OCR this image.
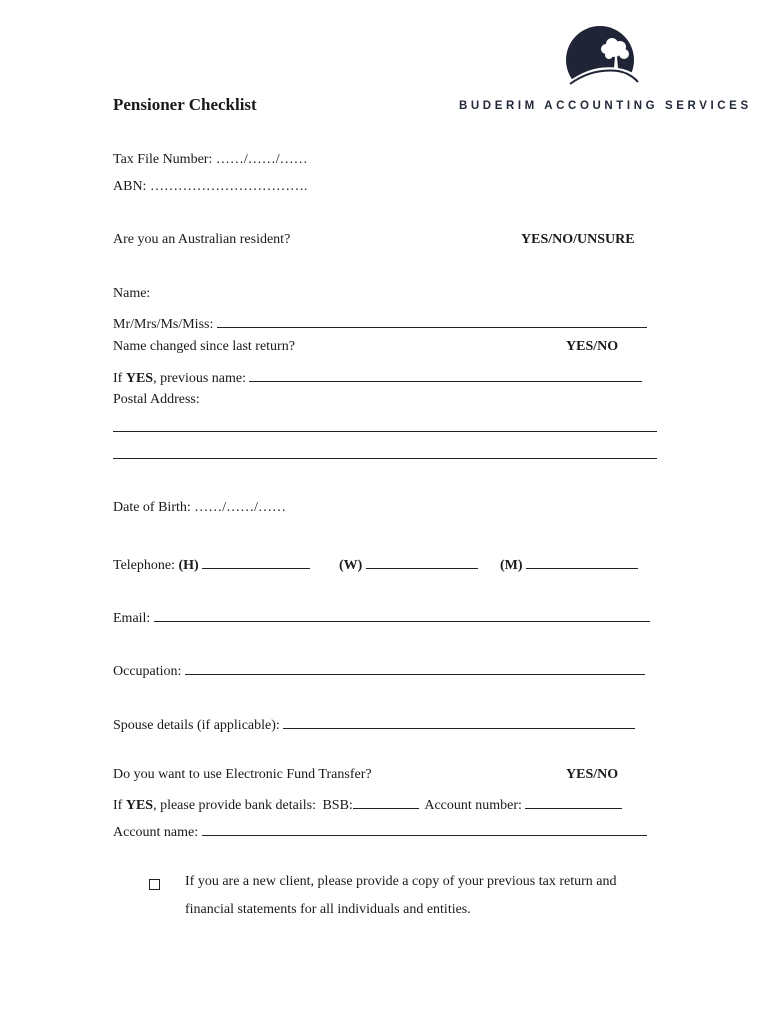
BUDERIM ACCOUNTING SERVICES
Pensioner Checklist
Tax File Number: ……/……/……
ABN: …………………………….
Are you an Australian resident?	YES/NO/UNSURE
Name:
Mr/Mrs/Ms/Miss:
Name changed since last return?	YES/NO
If YES, previous name:
Postal Address:
Date of Birth: ……/……/……
Telephone: (H)	(W)	(M)
Email:
Occupation:
Spouse details (if applicable):
Do you want to use Electronic Fund Transfer?	YES/NO
If YES, please provide bank details: BSB:	Account number:
Account name:
If you are a new client, please provide a copy of your previous tax return and
financial statements for all individuals and entities.
